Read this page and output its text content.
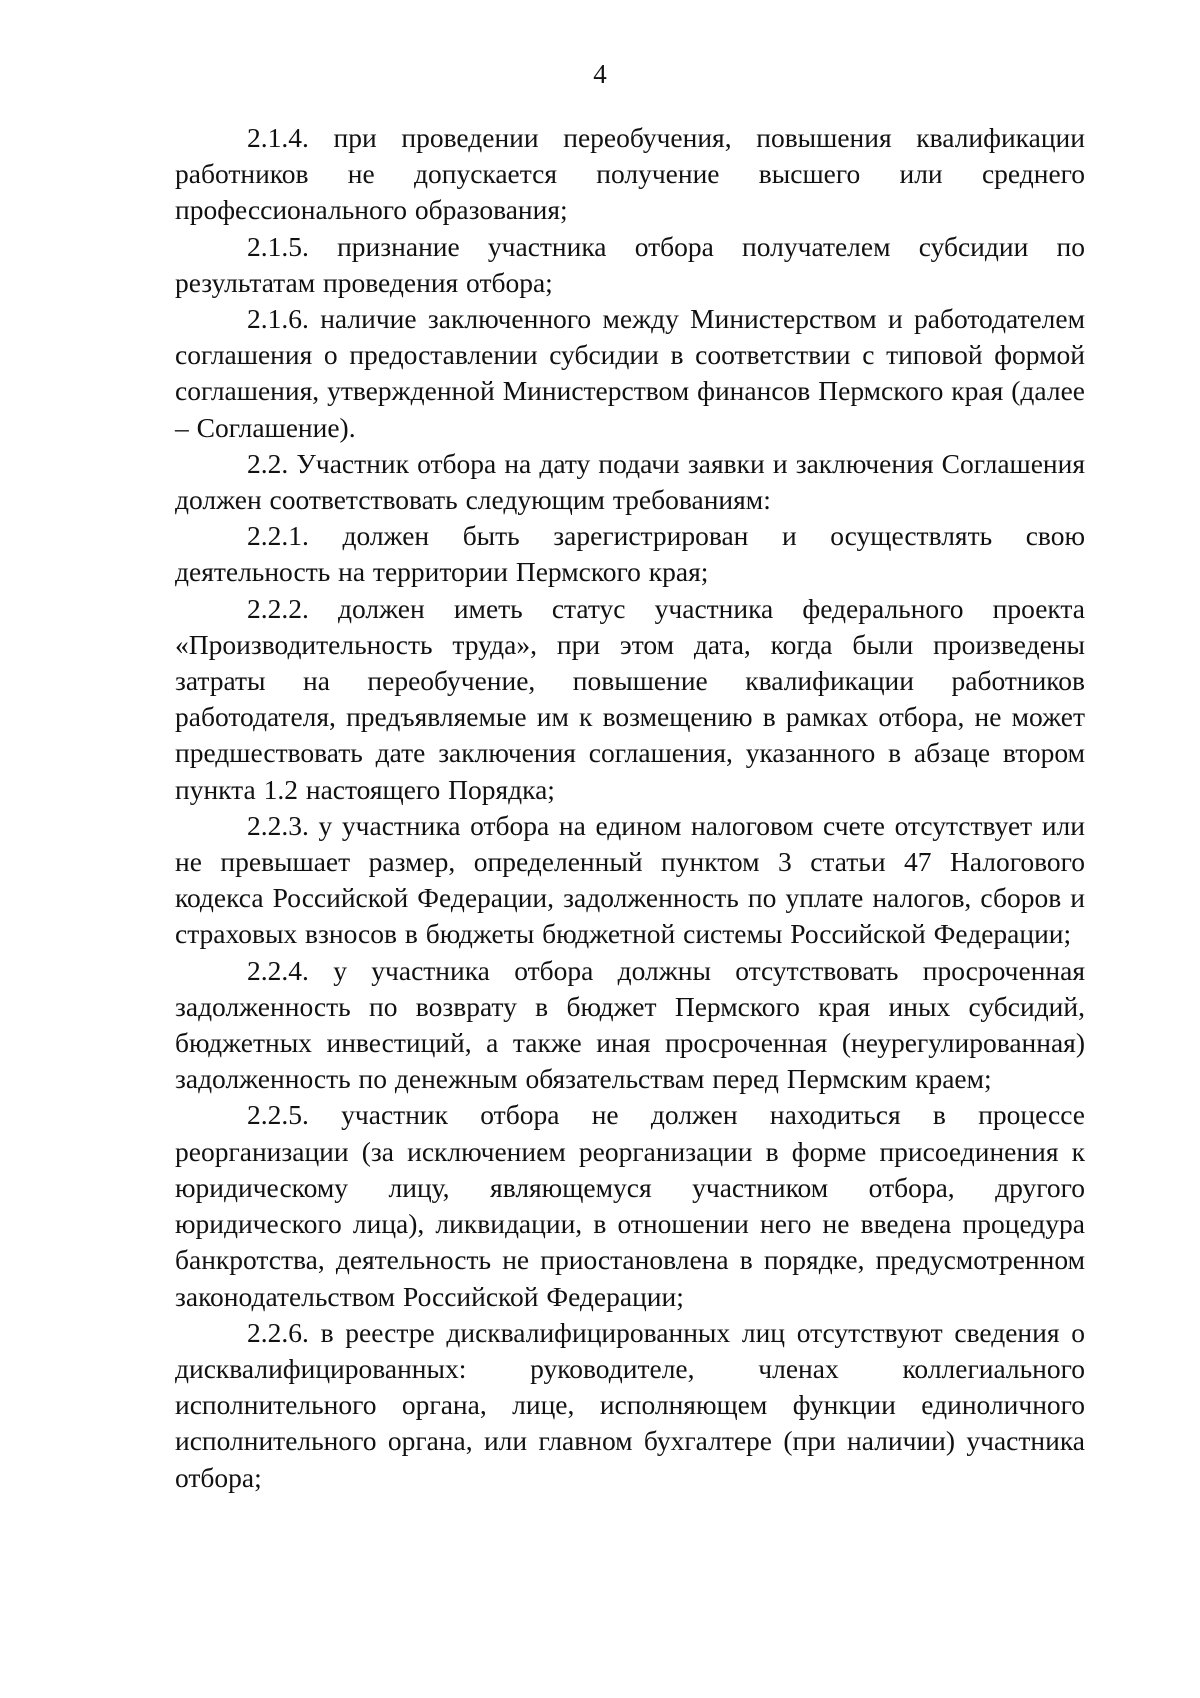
4

2.1.4. при проведении переобучения, повышения квалификации работников не допускается получение высшего или среднего профессионального образования;

2.1.5. признание участника отбора получателем субсидии по результатам проведения отбора;

2.1.6. наличие заключенного между Министерством и работодателем соглашения о предоставлении субсидии в соответствии с типовой формой соглашения, утвержденной Министерством финансов Пермского края (далее – Соглашение).

2.2. Участник отбора на дату подачи заявки и заключения Соглашения должен соответствовать следующим требованиям:

2.2.1. должен быть зарегистрирован и осуществлять свою деятельность на территории Пермского края;

2.2.2. должен иметь статус участника федерального проекта «Производительность труда», при этом дата, когда были произведены затраты на переобучение, повышение квалификации работников работодателя, предъявляемые им к возмещению в рамках отбора, не может предшествовать дате заключения соглашения, указанного в абзаце втором пункта 1.2 настоящего Порядка;

2.2.3. у участника отбора на едином налоговом счете отсутствует или не превышает размер, определенный пунктом 3 статьи 47 Налогового кодекса Российской Федерации, задолженность по уплате налогов, сборов и страховых взносов в бюджеты бюджетной системы Российской Федерации;

2.2.4. у участника отбора должны отсутствовать просроченная задолженность по возврату в бюджет Пермского края иных субсидий, бюджетных инвестиций, а также иная просроченная (неурегулированная) задолженность по денежным обязательствам перед Пермским краем;

2.2.5. участник отбора не должен находиться в процессе реорганизации (за исключением реорганизации в форме присоединения к юридическому лицу, являющемуся участником отбора, другого юридического лица), ликвидации, в отношении него не введена процедура банкротства, деятельность не приостановлена в порядке, предусмотренном законодательством Российской Федерации;

2.2.6. в реестре дисквалифицированных лиц отсутствуют сведения о дисквалифицированных: руководителе, членах коллегиального исполнительного органа, лице, исполняющем функции единоличного исполнительного органа, или главном бухгалтере (при наличии) участника отбора;
